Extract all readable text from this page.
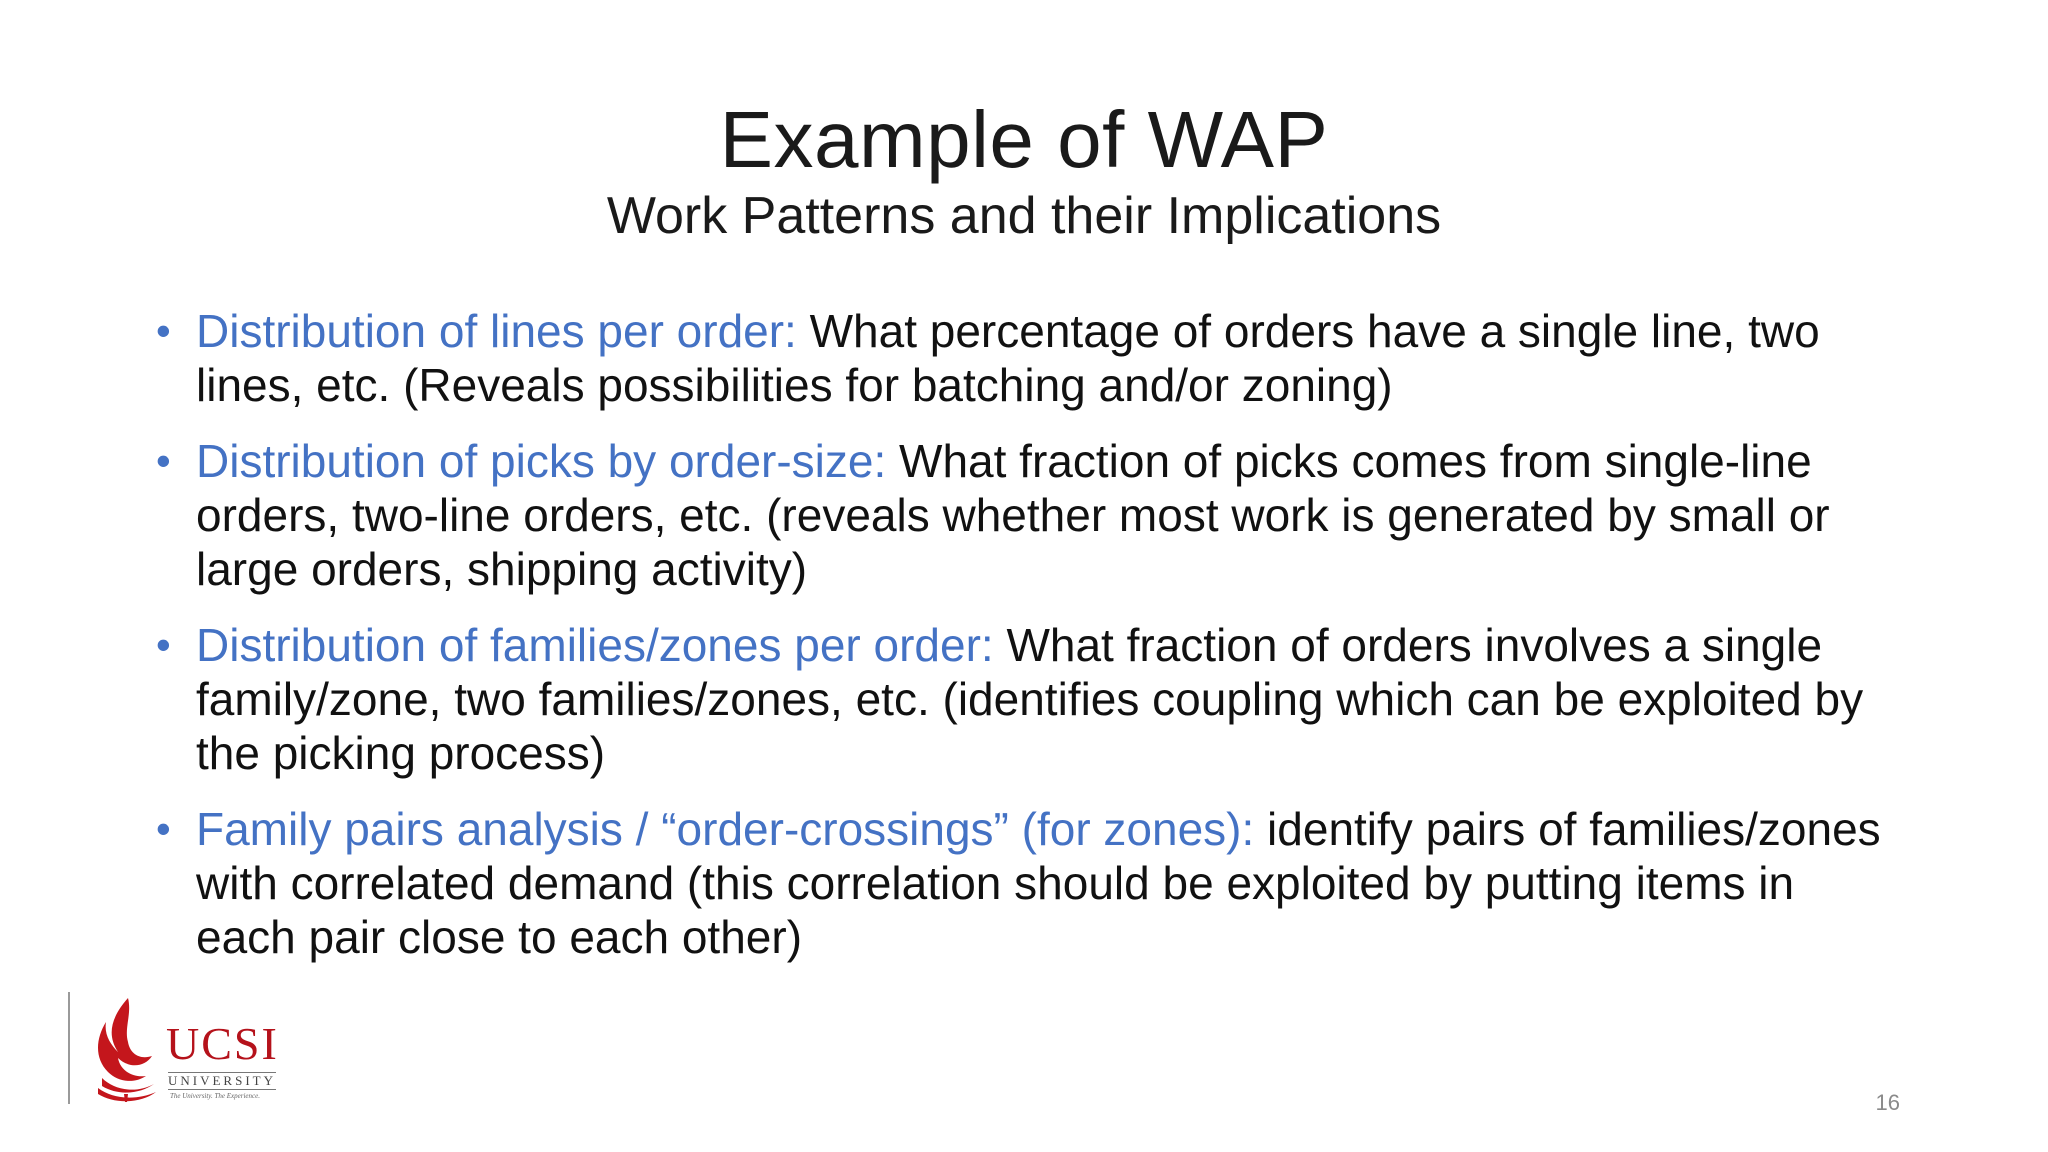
Example of WAP
Work Patterns and their Implications
• Distribution of lines per order: What percentage of orders have a single line, two lines, etc. (Reveals possibilities for batching and/or zoning)
• Distribution of picks by order-size: What fraction of picks comes from single-line orders, two-line orders, etc. (reveals whether most work is generated by small or large orders, shipping activity)
• Distribution of families/zones per order: What fraction of orders involves a single family/zone, two families/zones, etc. (identifies coupling which can be exploited by the picking process)
• Family pairs analysis / “order-crossings” (for zones): identify pairs of families/zones with correlated demand (this correlation should be exploited by putting items in each pair close to each other)
UCSI
UNIVERSITY
The University. The Experience.	16
